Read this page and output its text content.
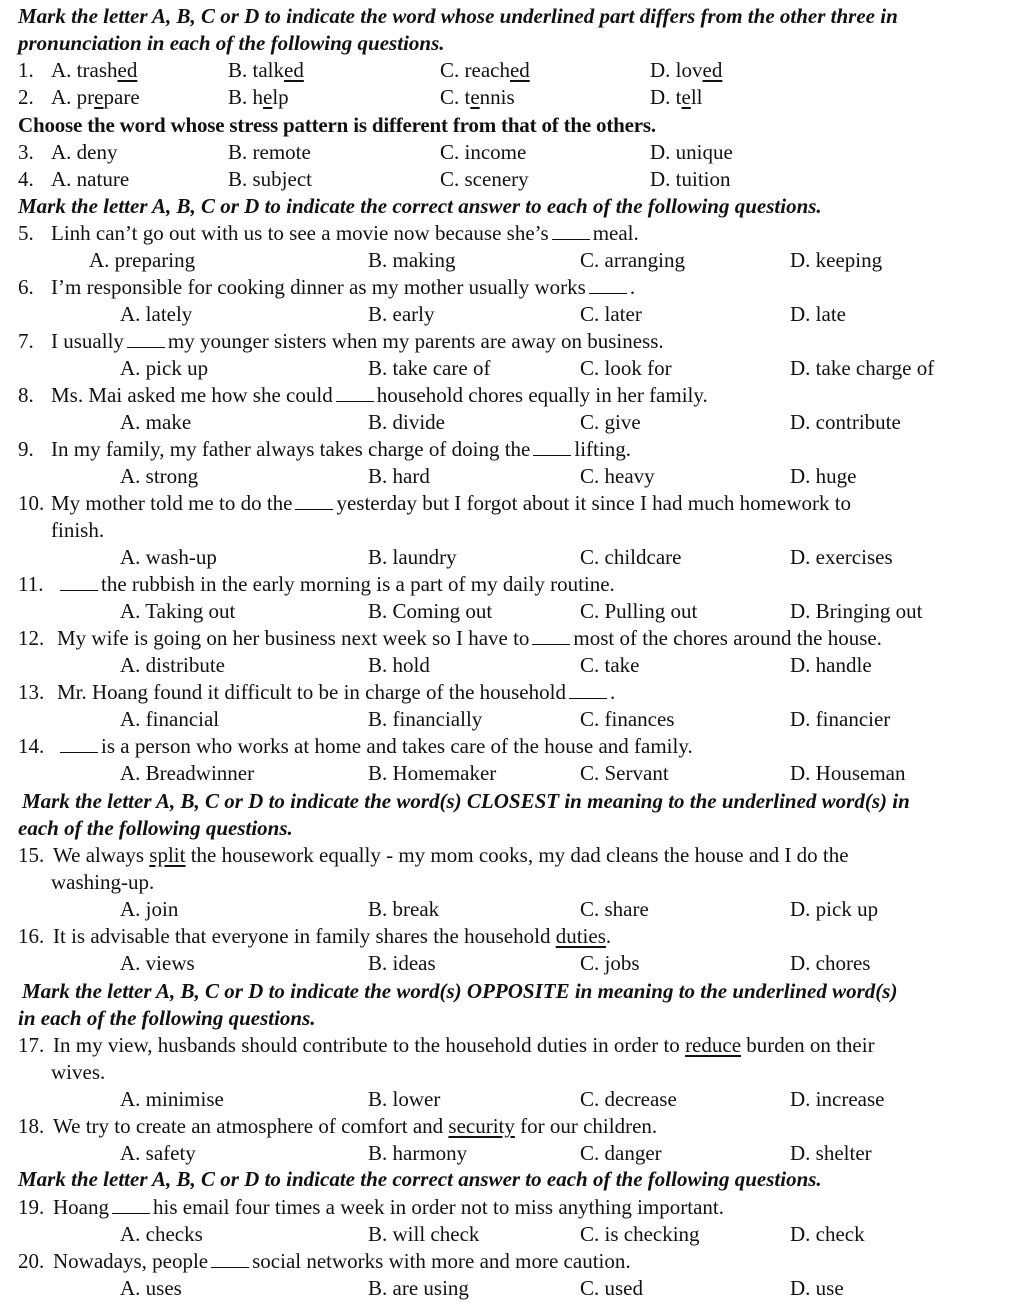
Mark the letter A, B, C or D to indicate the word whose underlined part differs from the other three in
pronunciation in each of the following questions.
1. A. trashed	B. talked	C. reached	D. loved
2. A. prepare	B. help	C. tennis	D. tell
Choose the word whose stress pattern is different from that of the others.
3. A. deny	B. remote	C. income	D. unique
4. A. nature	B. subject	C. scenery	D. tuition
Mark the letter A, B, C or D to indicate the correct answer to each of the following questions.
5. Linh can’t go out with us to see a movie now because she’s meal.
A. preparing	B. making	C. arranging	D. keeping
6. I’m responsible for cooking dinner as my mother usually works .
A. lately	B. early	C. later	D. late
7. I usually my younger sisters when my parents are away on business.
A. pick up	B. take care of	C. look for	D. take charge of
8. Ms. Mai asked me how she could household chores equally in her family.
A. make	B. divide	C. give	D. contribute
9. In my family, my father always takes charge of doing the lifting.
A. strong	B. hard	C. heavy	D. huge
10. My mother told me to do the yesterday but I forgot about it since I had much homework to
finish.
A. wash-up	B. laundry	C. childcare	D. exercises
11.	the rubbish in the early morning is a part of my daily routine.
A. Taking out	B. Coming out	C. Pulling out	D. Bringing out
12. My wife is going on her business next week so I have to most of the chores around the house.
A. distribute	B. hold	C. take	D. handle
13. Mr. Hoang found it difficult to be in charge of the household .
A. financial	B. financially	C. finances	D. financier
14.	is a person who works at home and takes care of the house and family.
A. Breadwinner	B. Homemaker	C. Servant	D. Houseman
Mark the letter A, B, C or D to indicate the word(s) CLOSEST in meaning to the underlined word(s) in
each of the following questions.
15. We always split the housework equally - my mom cooks, my dad cleans the house and I do the
washing-up.
A. join	B. break	C. share	D. pick up
16. It is advisable that everyone in family shares the household duties.
A. views	B. ideas	C. jobs	D. chores
Mark the letter A, B, C or D to indicate the word(s) OPPOSITE in meaning to the underlined word(s)
in each of the following questions.
17. In my view, husbands should contribute to the household duties in order to reduce burden on their
wives.
A. minimise	B. lower	C. decrease	D. increase
18. We try to create an atmosphere of comfort and security for our children.
A. safety	B. harmony	C. danger	D. shelter
Mark the letter A, B, C or D to indicate the correct answer to each of the following questions.
19. Hoang his email four times a week in order not to miss anything important.
A. checks	B. will check	C. is checking	D. check
20. Nowadays, people social networks with more and more caution.
A. uses	B. are using	C. used	D. use
